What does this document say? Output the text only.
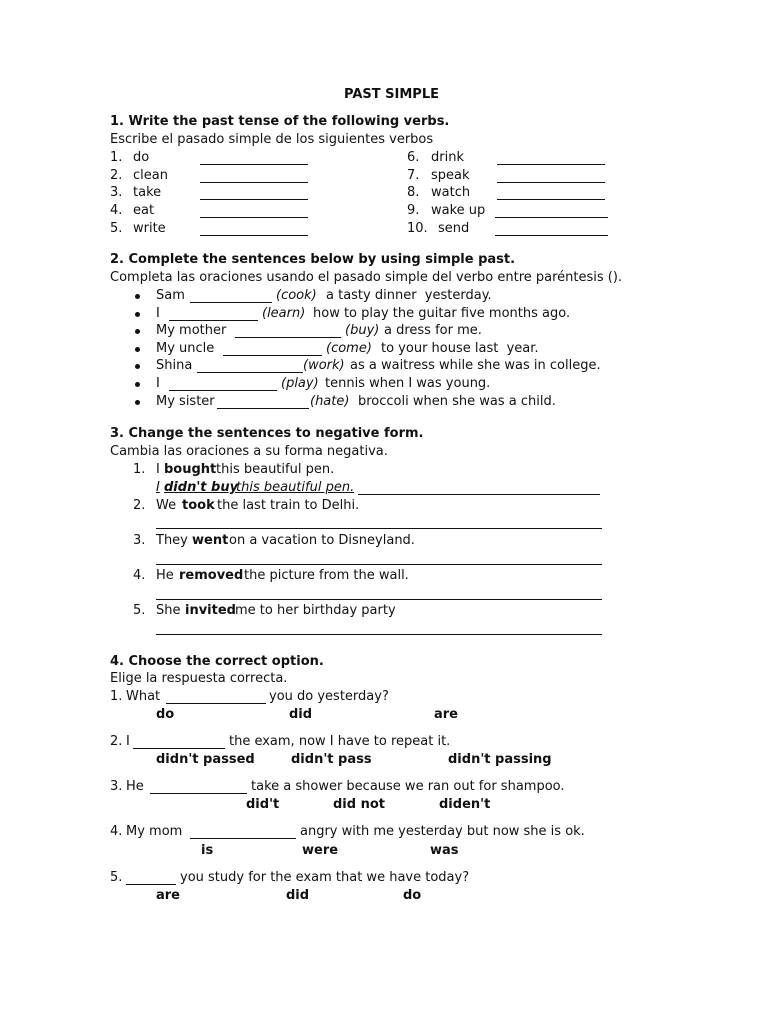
PAST SIMPLE
1. Write the past tense of the following verbs.
Escribe el pasado simple de los siguientes verbos
1. do
2. clean
3. take
4. eat
5. write
6. drink
7. speak
8. watch
9. wake up
10. send
2. Complete the sentences below by using simple past.
Completa las oraciones usando el pasado simple del verbo entre paréntesis ().
Sam	(cook) a tasty dinner  yesterday.
I	(learn) how to play the guitar five months ago.
My mother	(buy) a dress for me.
My uncle	(come) to your house last  year.
Shina	(work) as a waitress while she was in college.
I	(play) tennis when I was young.
My sister	(hate) broccoli when she was a child.
3. Change the sentences to negative form.
Cambia las oraciones a su forma negativa.
1. I bought this beautiful pen.
I didn't buy
this beautiful pen.
2. We took the last train to Delhi.
3. They went on a vacation to Disneyland.
4. He removed the picture from the wall.
5. She invited me to her birthday party
4. Choose the correct option.
Elige la respuesta correcta.
1. What	you do yesterday?
do	did	are
2. I	the exam, now I have to repeat it.
didn't passed	didn't pass	didn't passing
3. He	take a shower because we ran out for shampoo.
did't	did not	diden't
4. My mom	angry with me yesterday but now she is ok.
is	were	was
5.	you study for the exam that we have today?
are	did	do
